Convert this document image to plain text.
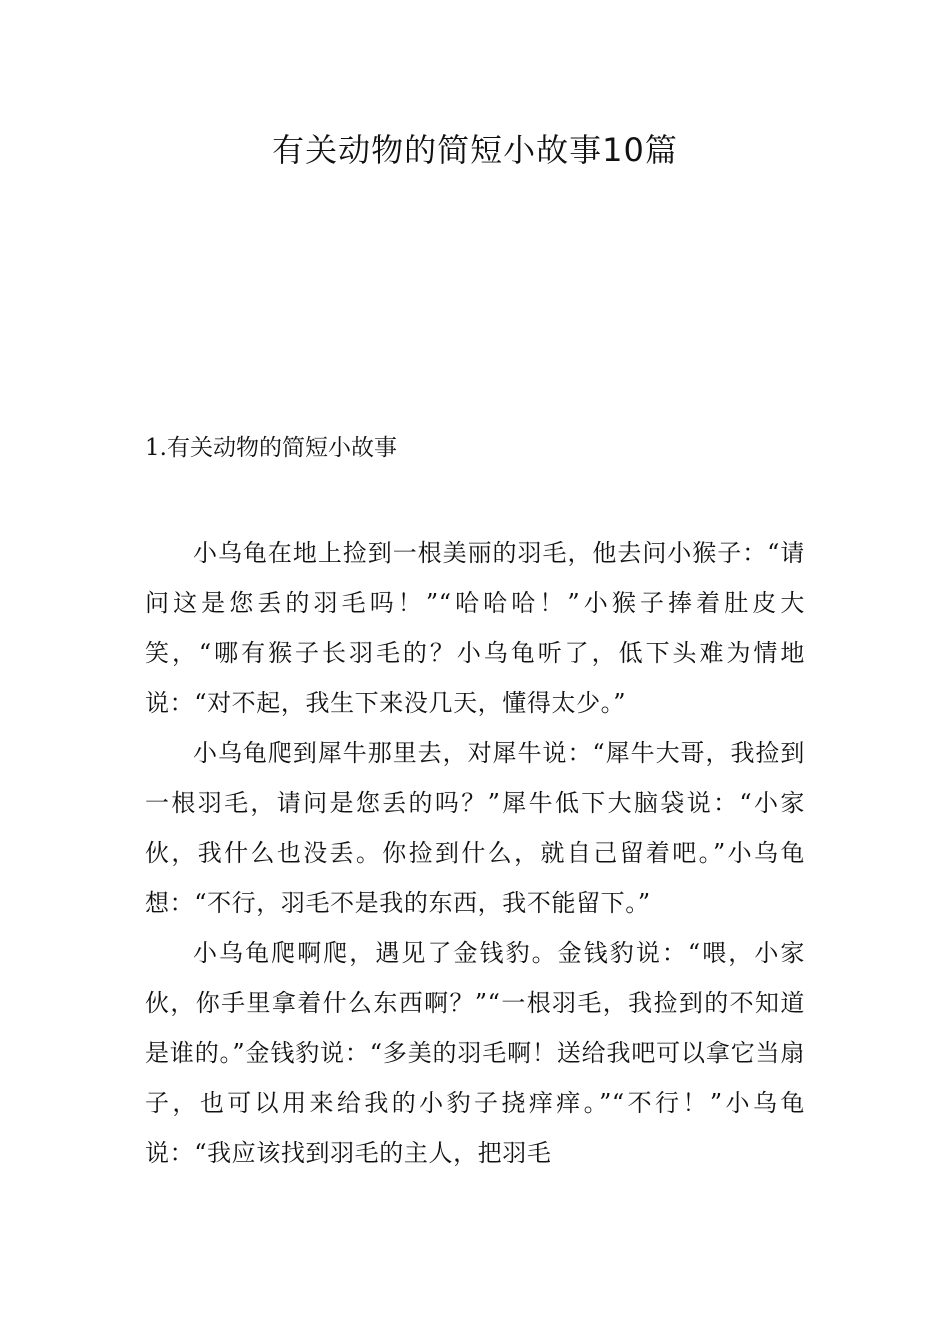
有关动物的简短小故事10篇
1.有关动物的简短小故事

小乌龟在地上捡到一根美丽的羽毛，他去问小猴子：“请问这是您丢的羽毛吗！”“哈哈哈！”小猴子捧着肚皮大笑，“哪有猴子长羽毛的？小乌龟听了，低下头难为情地说：“对不起，我生下来没几天，懂得太少。”

小乌龟爬到犀牛那里去，对犀牛说：“犀牛大哥，我捡到一根羽毛，请问是您丢的吗？”犀牛低下大脑袋说：“小家伙，我什么也没丢。你捡到什么，就自己留着吧。”小乌龟想：“不行，羽毛不是我的东西，我不能留下。”

小乌龟爬啊爬，遇见了金钱豹。金钱豹说：“喂，小家伙，你手里拿着什么东西啊？”“一根羽毛，我捡到的不知道是谁的。”金钱豹说：“多美的羽毛啊！送给我吧可以拿它当扇子，也可以用来给我的小豹子挠痒痒。”“不行！”小乌龟说：“我应该找到羽毛的主人，把羽毛
